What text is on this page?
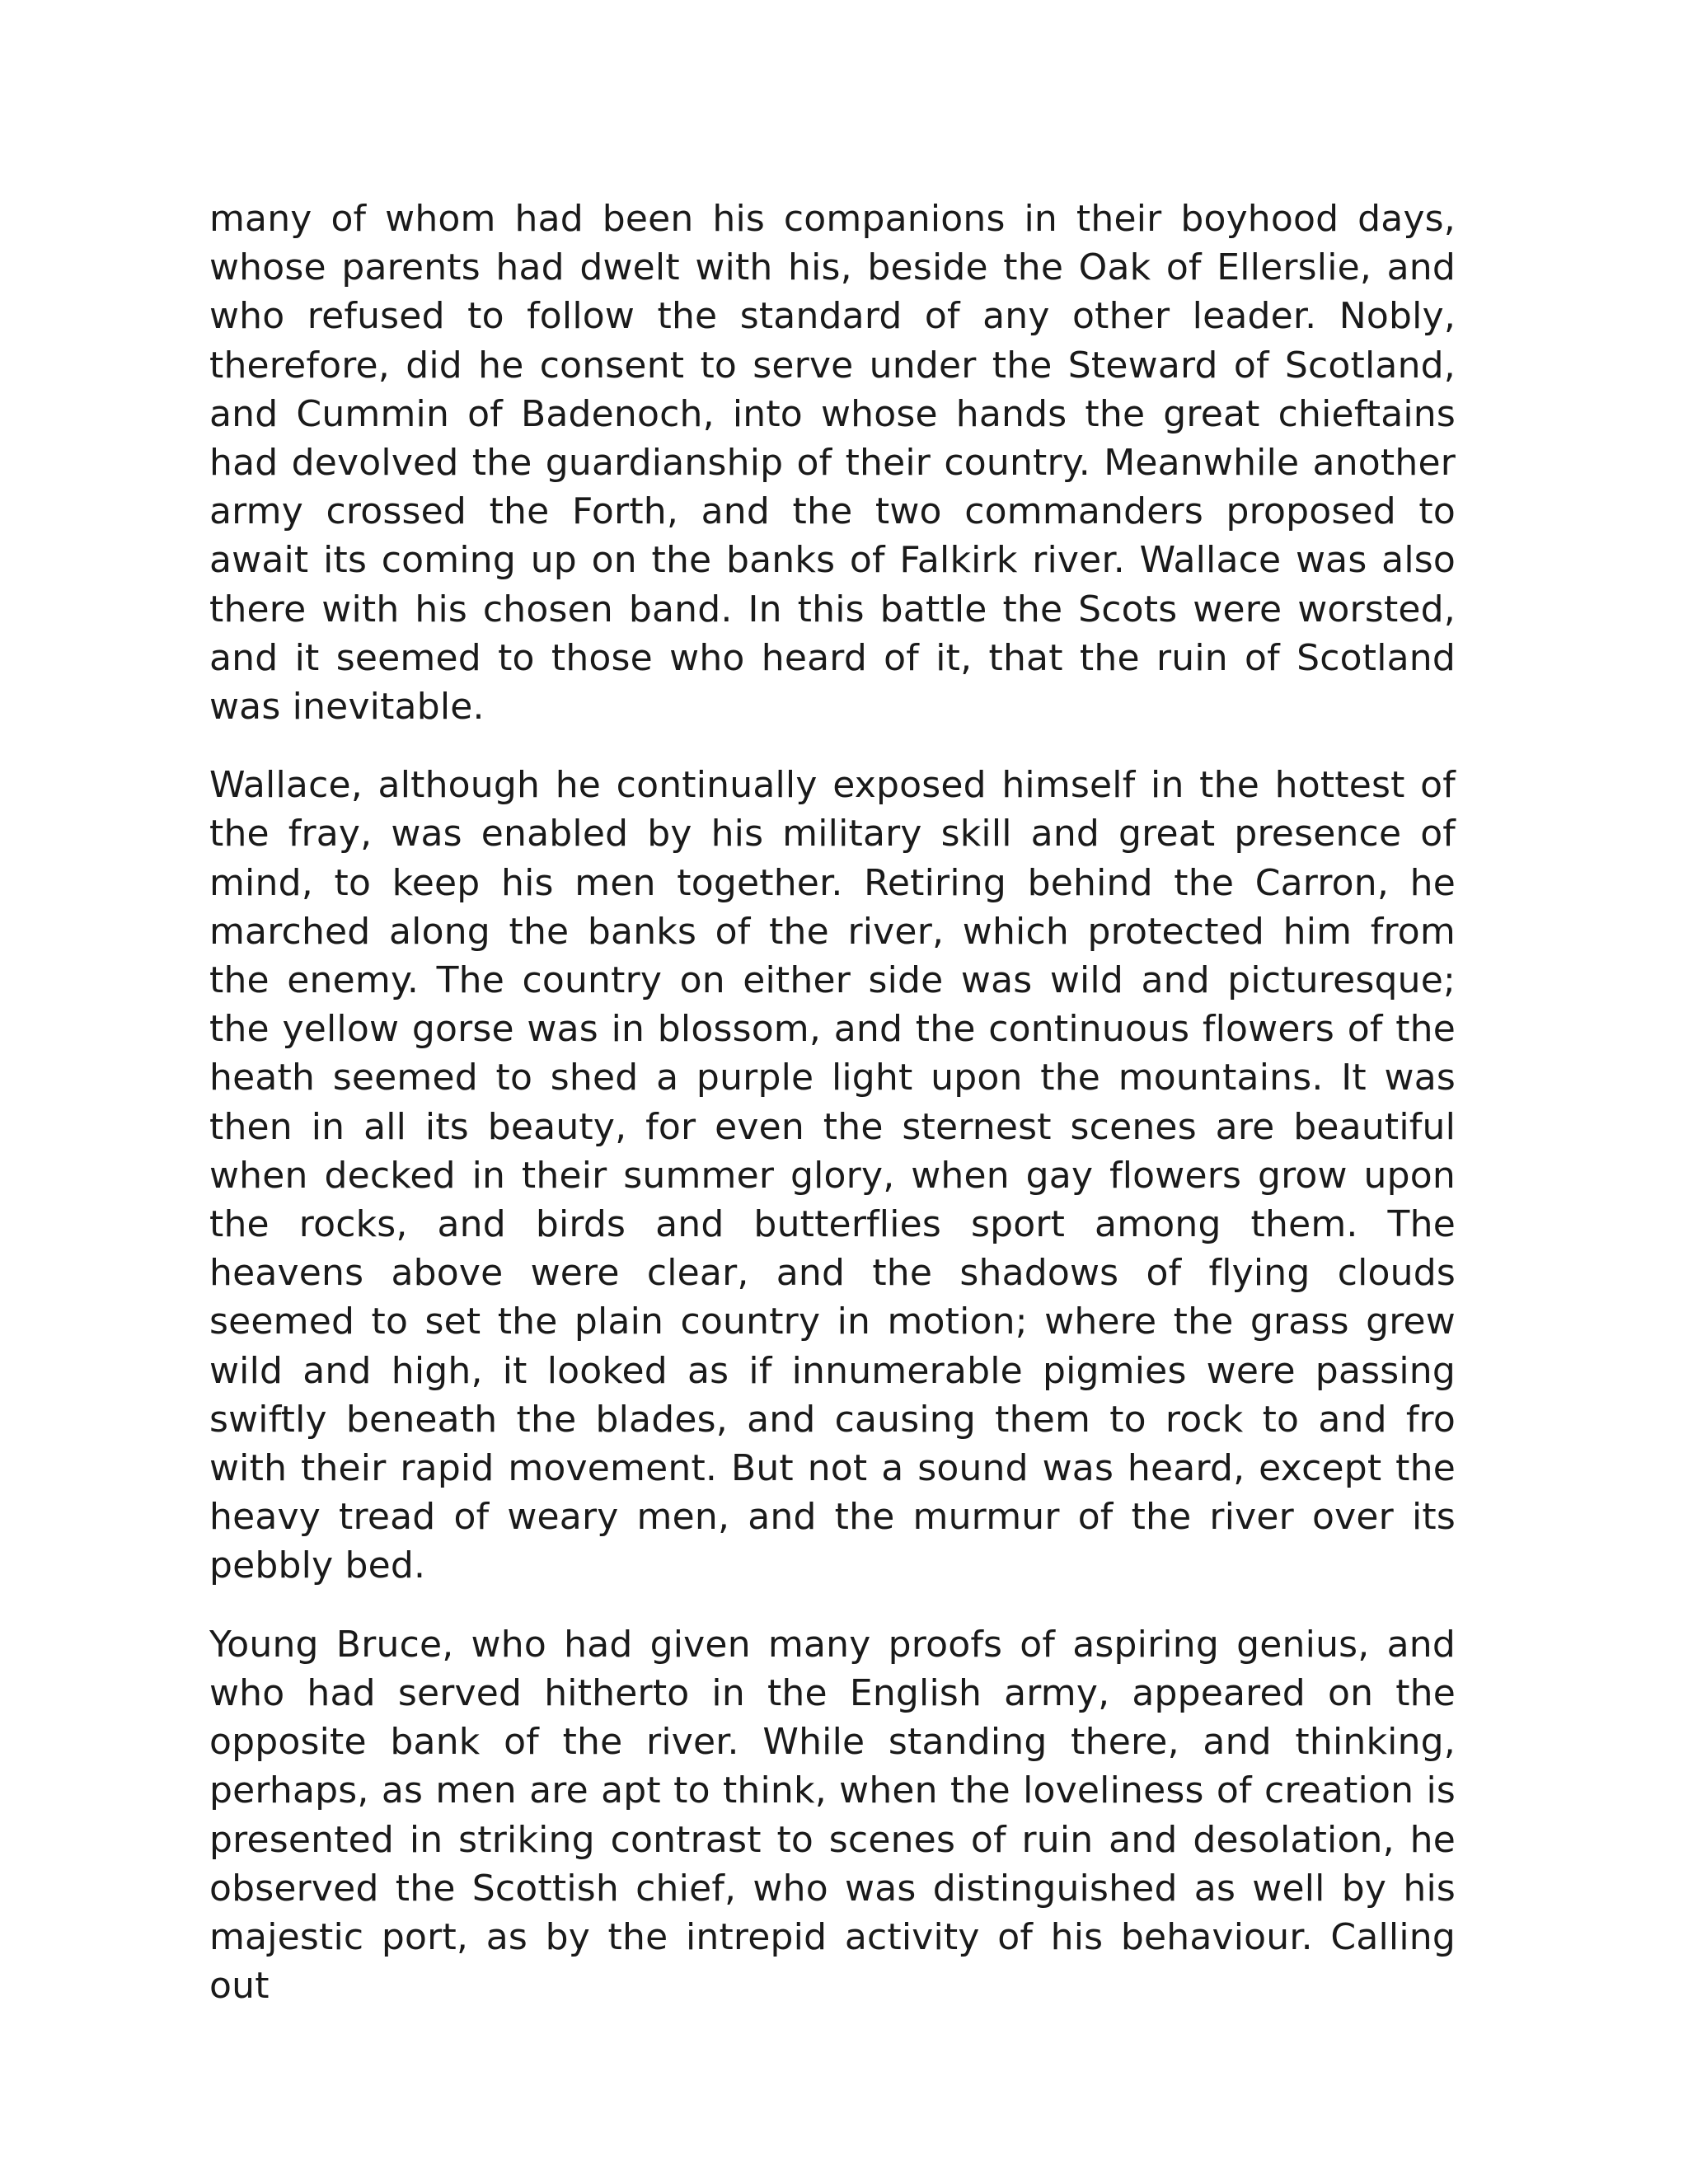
many of whom had been his companions in their boyhood days, whose parents had dwelt with his, beside the Oak of Ellerslie, and who refused to follow the standard of any other leader. Nobly, therefore, did he consent to serve under the Steward of Scotland, and Cummin of Badenoch, into whose hands the great chieftains had devolved the guardianship of their country. Meanwhile another army crossed the Forth, and the two commanders proposed to await its coming up on the banks of Falkirk river. Wallace was also there with his chosen band. In this battle the Scots were worsted, and it seemed to those who heard of it, that the ruin of Scotland was inevitable.

Wallace, although he continually exposed himself in the hottest of the fray, was enabled by his military skill and great presence of mind, to keep his men together. Retiring behind the Carron, he marched along the banks of the river, which protected him from the enemy. The country on either side was wild and picturesque; the yellow gorse was in blossom, and the continuous flowers of the heath seemed to shed a purple light upon the mountains. It was then in all its beauty, for even the sternest scenes are beautiful when decked in their summer glory, when gay flowers grow upon the rocks, and birds and butterflies sport among them. The heavens above were clear, and the shadows of flying clouds seemed to set the plain country in motion; where the grass grew wild and high, it looked as if innumerable pigmies were passing swiftly beneath the blades, and causing them to rock to and fro with their rapid movement. But not a sound was heard, except the heavy tread of weary men, and the murmur of the river over its pebbly bed.

Young Bruce, who had given many proofs of aspiring genius, and who had served hitherto in the English army, appeared on the opposite bank of the river. While standing there, and thinking, perhaps, as men are apt to think, when the loveliness of creation is presented in striking contrast to scenes of ruin and desolation, he observed the Scottish chief, who was distinguished as well by his majestic port, as by the intrepid activity of his behaviour. Calling out
